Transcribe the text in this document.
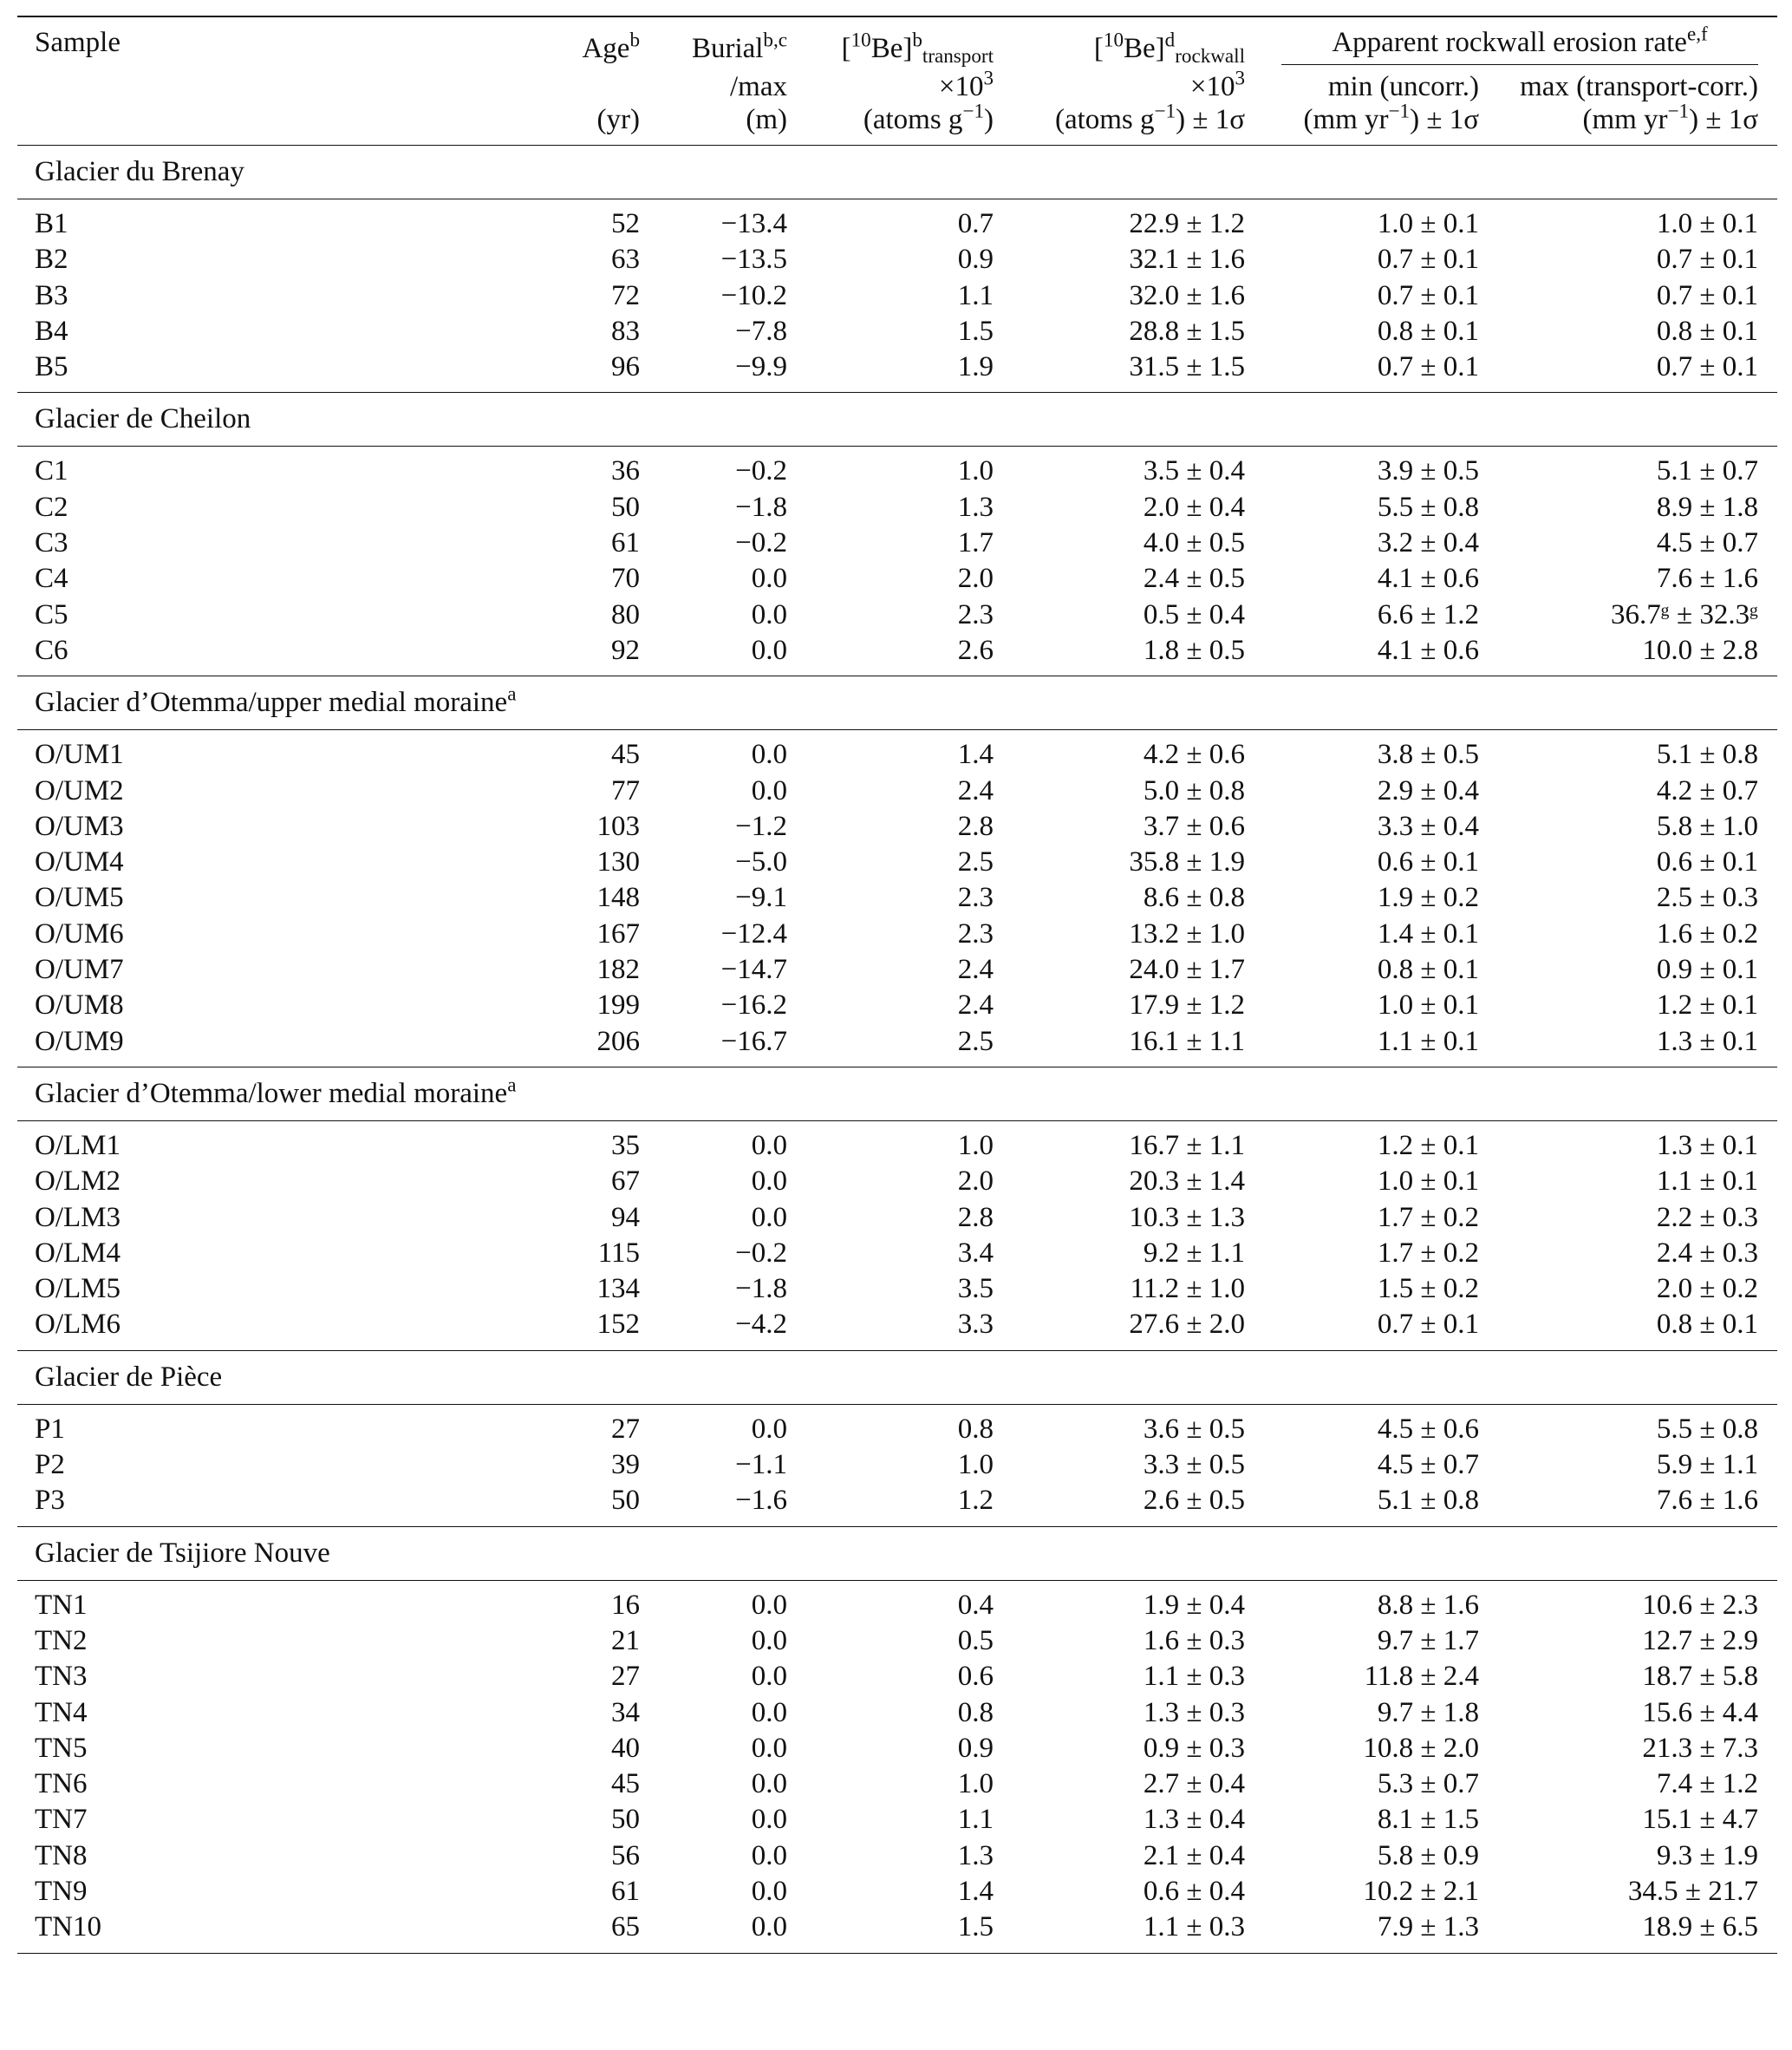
Sample	Age$^b$	Burial$^{b,c}$	$[^{10}Be]^b_{transport}$	$[^{10}Be]^d_{rockwall}$	Apparent rockwall erosion rate$^{e,f}$

		/max	$\times 10^3$	$\times 10^3$	min (uncorr.)	max (transport-corr.)
	(yr)	(m)	(atoms $g^{-1}$)	(atoms $g^{-1}) \pm 1\sigma$	(mm $yr^{-1}) \pm 1\sigma$	(mm $yr^{-1}) \pm 1\sigma$
Glacier du Brenay						
B1	52	−13.4	0.7	22.9 ± 1.2	1.0 ± 0.1	1.0 ± 0.1
B2	63	−13.5	0.9	32.1 ± 1.6	0.7 ± 0.1	0.7 ± 0.1
B3	72	−10.2	1.1	32.0 ± 1.6	0.7 ± 0.1	0.7 ± 0.1
B4	83	−7.8	1.5	28.8 ± 1.5	0.8 ± 0.1	0.8 ± 0.1
B5	96	−9.9	1.9	31.5 ± 1.5	0.7 ± 0.1	0.7 ± 0.1
Glacier de Cheilon						
C1	36	−0.2	1.0	3.5 ± 0.4	3.9 ± 0.5	5.1 ± 0.7
C2	50	−1.8	1.3	2.0 ± 0.4	5.5 ± 0.8	8.9 ± 1.8
C3	61	−0.2	1.7	4.0 ± 0.5	3.2 ± 0.4	4.5 ± 0.7
C4	70	0.0	2.0	2.4 ± 0.5	4.1 ± 0.6	7.6 ± 1.6
C5	80	0.0	2.3	0.5 ± 0.4	6.6 ± 1.2	36.7ᵍ ± 32.3ᵍ
C6	92	0.0	2.6	1.8 ± 0.5	4.1 ± 0.6	10.0 ± 2.8
Glacier d’Otemma/upper medial moraine$^a$
O/UM1	45	0.0	1.4	4.2 ± 0.6	3.8 ± 0.5	5.1 ± 0.8
O/UM2	77	0.0	2.4	5.0 ± 0.8	2.9 ± 0.4	4.2 ± 0.7
O/UM3	103	−1.2	2.8	3.7 ± 0.6	3.3 ± 0.4	5.8 ± 1.0
O/UM4	130	−5.0	2.5	35.8 ± 1.9	0.6 ± 0.1	0.6 ± 0.1
O/UM5	148	−9.1	2.3	8.6 ± 0.8	1.9 ± 0.2	2.5 ± 0.3
O/UM6	167	−12.4	2.3	13.2 ± 1.0	1.4 ± 0.1	1.6 ± 0.2
O/UM7	182	−14.7	2.4	24.0 ± 1.7	0.8 ± 0.1	0.9 ± 0.1
O/UM8	199	−16.2	2.4	17.9 ± 1.2	1.0 ± 0.1	1.2 ± 0.1
O/UM9	206	−16.7	2.5	16.1 ± 1.1	1.1 ± 0.1	1.3 ± 0.1
Glacier d’Otemma/lower medial moraine$^a$
O/LM1	35	0.0	1.0	16.7 ± 1.1	1.2 ± 0.1	1.3 ± 0.1
O/LM2	67	0.0	2.0	20.3 ± 1.4	1.0 ± 0.1	1.1 ± 0.1
O/LM3	94	0.0	2.8	10.3 ± 1.3	1.7 ± 0.2	2.2 ± 0.3
O/LM4	115	−0.2	3.4	9.2 ± 1.1	1.7 ± 0.2	2.4 ± 0.3
O/LM5	134	−1.8	3.5	11.2 ± 1.0	1.5 ± 0.2	2.0 ± 0.2
O/LM6	152	−4.2	3.3	27.6 ± 2.0	0.7 ± 0.1	0.8 ± 0.1
Glacier de Pièce						
P1	27	0.0	0.8	3.6 ± 0.5	4.5 ± 0.6	5.5 ± 0.8
P2	39	−1.1	1.0	3.3 ± 0.5	4.5 ± 0.7	5.9 ± 1.1
P3	50	−1.6	1.2	2.6 ± 0.5	5.1 ± 0.8	7.6 ± 1.6
Glacier de Tsijiore Nouve						
TN1	16	0.0	0.4	1.9 ± 0.4	8.8 ± 1.6	10.6 ± 2.3
TN2	21	0.0	0.5	1.6 ± 0.3	9.7 ± 1.7	12.7 ± 2.9
TN3	27	0.0	0.6	1.1 ± 0.3	11.8 ± 2.4	18.7 ± 5.8
TN4	34	0.0	0.8	1.3 ± 0.3	9.7 ± 1.8	15.6 ± 4.4
TN5	40	0.0	0.9	0.9 ± 0.3	10.8 ± 2.0	21.3 ± 7.3
TN6	45	0.0	1.0	2.7 ± 0.4	5.3 ± 0.7	7.4 ± 1.2
TN7	50	0.0	1.1	1.3 ± 0.4	8.1 ± 1.5	15.1 ± 4.7
TN8	56	0.0	1.3	2.1 ± 0.4	5.8 ± 0.9	9.3 ± 1.9
TN9	61	0.0	1.4	0.6 ± 0.4	10.2 ± 2.1	34.5 ± 21.7
TN10	65	0.0	1.5	1.1 ± 0.3	7.9 ± 1.3	18.9 ± 6.5
